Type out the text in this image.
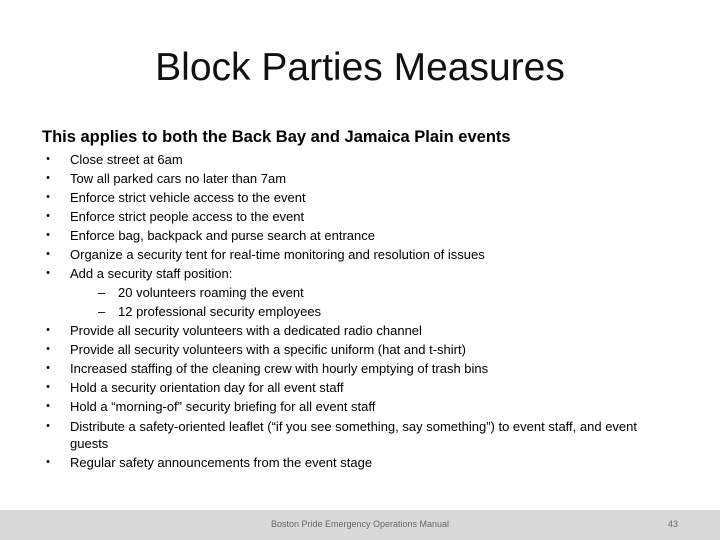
Block Parties Measures
This applies to both the Back Bay and Jamaica Plain events
•	Close street at 6am
•	Tow all parked cars no later than 7am
•	Enforce strict vehicle access to the event
•	Enforce strict people access to the event
•	Enforce bag, backpack and purse search at entrance
•	Organize a security tent for real-time monitoring and resolution of issues
•	Add a security staff position:
– 20 volunteers roaming the event
– 12 professional security employees
•	Provide all security volunteers with a dedicated radio channel
•	Provide all security volunteers with a specific uniform (hat and t-shirt)
•	Increased staffing of the cleaning crew with hourly emptying of trash bins
•	Hold a security orientation day for all event staff
•	Hold a “morning-of” security briefing for all event staff
•	Distribute a safety-oriented leaflet (“if you see something, say something”) to event staff, and event guests
•	Regular safety announcements from the event stage
Boston Pride Emergency Operations Manual	43
